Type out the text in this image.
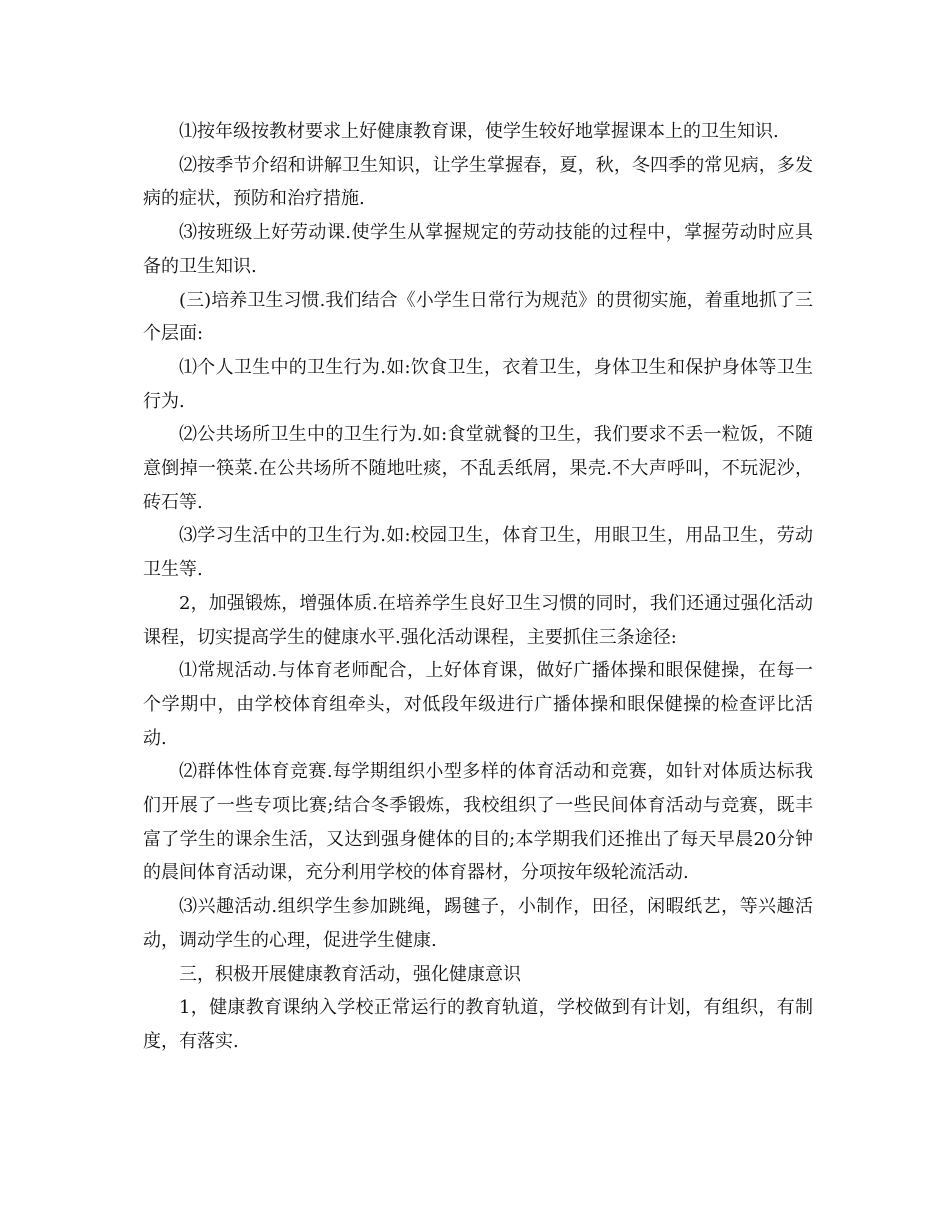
⑴按年级按教材要求上好健康教育课，使学生较好地掌握课本上的卫生知识.

⑵按季节介绍和讲解卫生知识，让学生掌握春，夏，秋，冬四季的常见病，多发病的症状，预防和治疗措施.

⑶按班级上好劳动课.使学生从掌握规定的劳动技能的过程中，掌握劳动时应具备的卫生知识.

(三)培养卫生习惯.我们结合《小学生日常行为规范》的贯彻实施，着重地抓了三个层面:

⑴个人卫生中的卫生行为.如:饮食卫生，衣着卫生，身体卫生和保护身体等卫生行为.

⑵公共场所卫生中的卫生行为.如:食堂就餐的卫生，我们要求不丢一粒饭，不随意倒掉一筷菜.在公共场所不随地吐痰，不乱丢纸屑，果壳.不大声呼叫，不玩泥沙，砖石等.

⑶学习生活中的卫生行为.如:校园卫生，体育卫生，用眼卫生，用品卫生，劳动卫生等.

2，加强锻炼，增强体质.在培养学生良好卫生习惯的同时，我们还通过强化活动课程，切实提高学生的健康水平.强化活动课程，主要抓住三条途径:

⑴常规活动.与体育老师配合，上好体育课，做好广播体操和眼保健操，在每一个学期中，由学校体育组牵头，对低段年级进行广播体操和眼保健操的检查评比活动.

⑵群体性体育竞赛.每学期组织小型多样的体育活动和竞赛，如针对体质达标我们开展了一些专项比赛;结合冬季锻炼，我校组织了一些民间体育活动与竞赛，既丰富了学生的课余生活，又达到强身健体的目的;本学期我们还推出了每天早晨20分钟的晨间体育活动课，充分利用学校的体育器材，分项按年级轮流活动.

⑶兴趣活动.组织学生参加跳绳，踢毽子，小制作，田径，闲暇纸艺，等兴趣活动，调动学生的心理，促进学生健康.

三，积极开展健康教育活动，强化健康意识

1，健康教育课纳入学校正常运行的教育轨道，学校做到有计划，有组织，有制度，有落实.
